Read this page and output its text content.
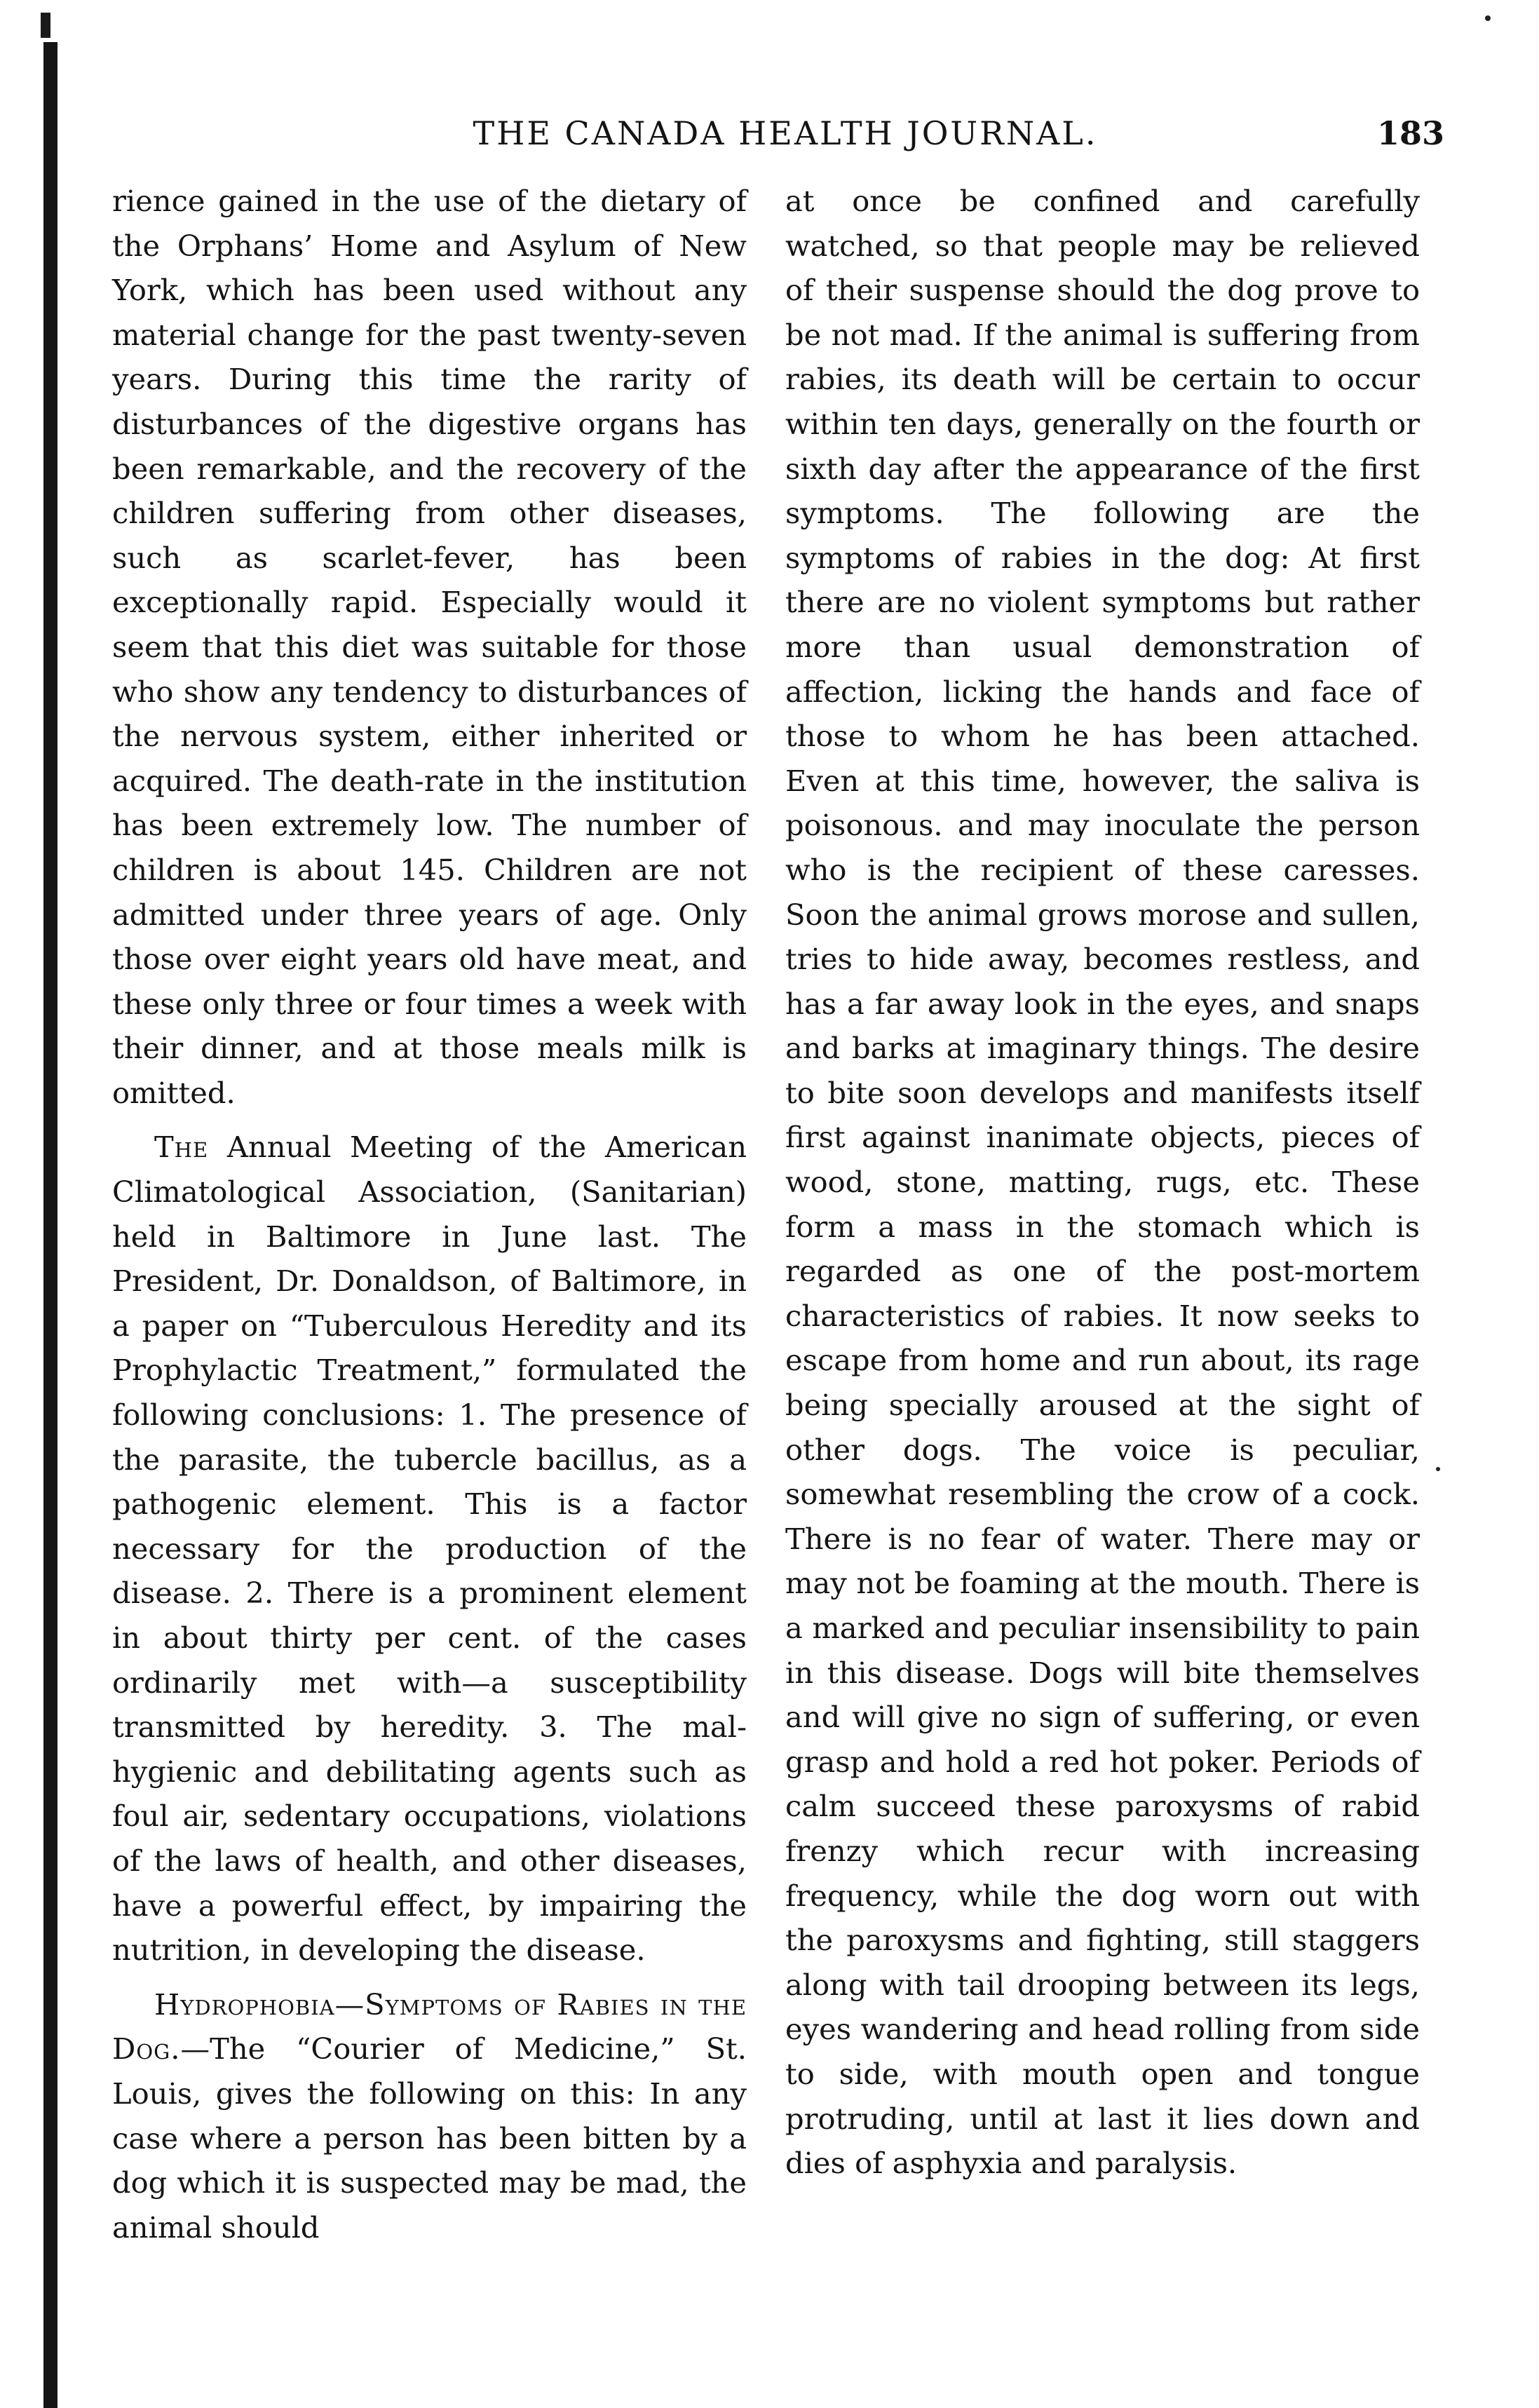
THE CANADA HEALTH JOURNAL.	183

rience gained in the use of the dietary of the Orphans’ Home and Asylum of New York, which has been used without any material change for the past twenty-seven years. During this time the rarity of disturbances of the digestive organs has been remarkable, and the recovery of the children suffering from other diseases, such as scarlet-fever, has been exceptionally rapid. Especially would it seem that this diet was suitable for those who show any tendency to disturbances of the nervous system, either inherited or acquired. The death-rate in the institution has been extremely low. The number of children is about 145. Children are not admitted under three years of age. Only those over eight years old have meat, and these only three or four times a week with their dinner, and at those meals milk is omitted.

The Annual Meeting of the American Climatological Association, (Sanitarian) held in Baltimore in June last. The President, Dr. Donaldson, of Baltimore, in a paper on “Tuberculous Heredity and its Prophylactic Treatment,” formulated the following conclusions: 1. The presence of the parasite, the tubercle bacillus, as a pathogenic element. This is a factor necessary for the production of the disease. 2. There is a prominent element in about thirty per cent. of the cases ordinarily met with—a susceptibility transmitted by heredity. 3. The mal-hygienic and debilitating agents such as foul air, sedentary occupations, violations of the laws of health, and other diseases, have a powerful effect, by impairing the nutrition, in developing the disease.

Hydrophobia—Symptoms of Rabies in the Dog.—The “Courier of Medicine,” St. Louis, gives the following on this: In any case where a person has been bitten by a dog which it is suspected may be mad, the animal should

at once be confined and carefully watched, so that people may be relieved of their suspense should the dog prove to be not mad. If the animal is suffering from rabies, its death will be certain to occur within ten days, generally on the fourth or sixth day after the appearance of the first symptoms. The following are the symptoms of rabies in the dog: At first there are no violent symptoms but rather more than usual demonstration of affection, licking the hands and face of those to whom he has been attached. Even at this time, however, the saliva is poisonous. and may inoculate the person who is the recipient of these caresses. Soon the animal grows morose and sullen, tries to hide away, becomes restless, and has a far away look in the eyes, and snaps and barks at imaginary things. The desire to bite soon develops and manifests itself first against inanimate objects, pieces of wood, stone, matting, rugs, etc. These form a mass in the stomach which is regarded as one of the post-mortem characteristics of rabies. It now seeks to escape from home and run about, its rage being specially aroused at the sight of other dogs. The voice is peculiar, somewhat resembling the crow of a cock. There is no fear of water. There may or may not be foaming at the mouth. There is a marked and peculiar insensibility to pain in this disease. Dogs will bite themselves and will give no sign of suffering, or even grasp and hold a red hot poker. Periods of calm succeed these paroxysms of rabid frenzy which recur with increasing frequency, while the dog worn out with the paroxysms and fighting, still staggers along with tail drooping between its legs, eyes wandering and head rolling from side to side, with mouth open and tongue protruding, until at last it lies down and dies of asphyxia and paralysis.
